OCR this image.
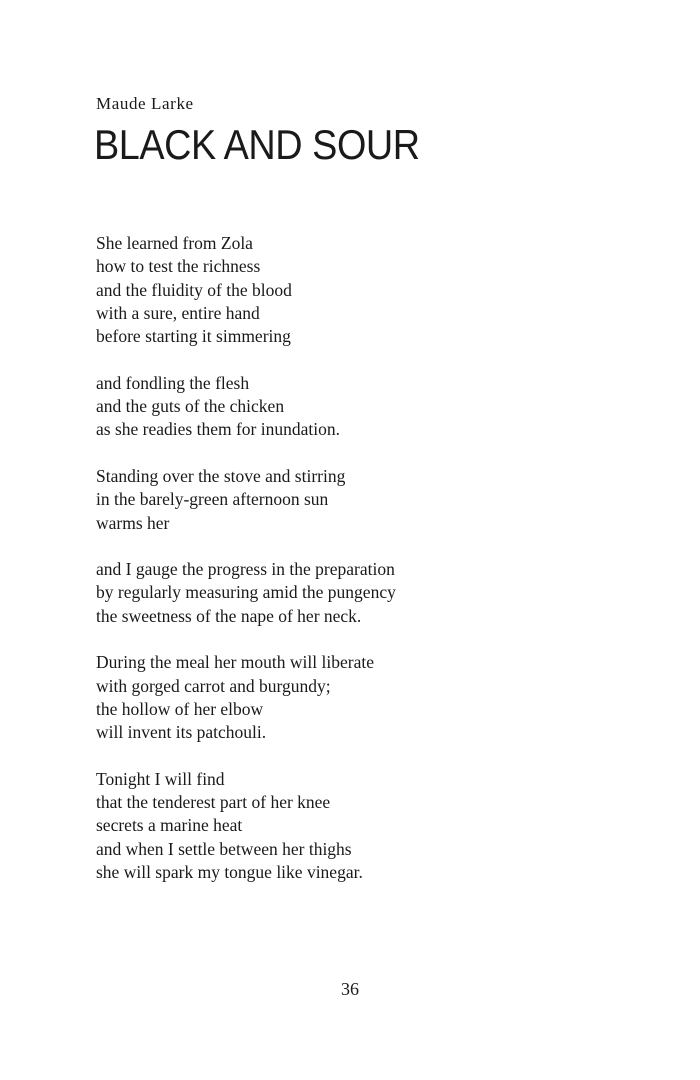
Maude Larke
BLACK AND SOUR
She learned from Zola
how to test the richness
and the fluidity of the blood
with a sure, entire hand
before starting it simmering
and fondling the flesh
and the guts of the chicken
as she readies them for inundation.
Standing over the stove and stirring
in the barely-green afternoon sun
warms her
and I gauge the progress in the preparation
by regularly measuring amid the pungency
the sweetness of the nape of her neck.
During the meal her mouth will liberate
with gorged carrot and burgundy;
the hollow of her elbow
will invent its patchouli.
Tonight I will find
that the tenderest part of her knee
secrets a marine heat
and when I settle between her thighs
she will spark my tongue like vinegar.
36
